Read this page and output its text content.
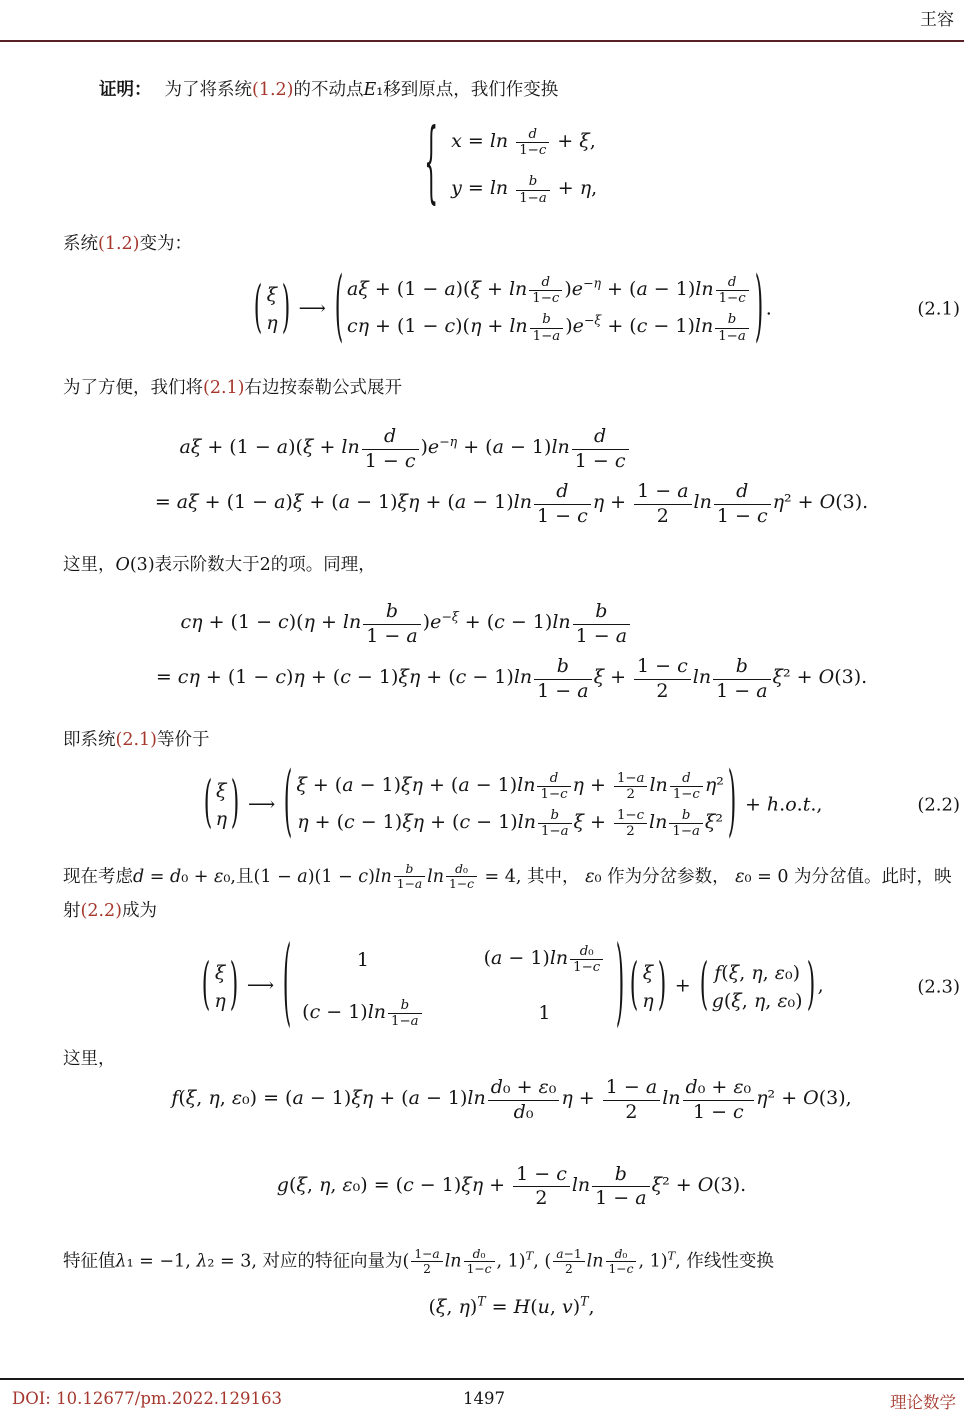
王容

证明： 为了将系统(1.2)的不动点E₁移到原点，我们作变换

{ $x = \ln \frac{d}{1-c} + \xi$,
$y = \ln \frac{b}{1-a} + \eta$,

系统(1.2)变为：

( ξ
η ) ⟶ ( $a\xi + (1 - a)(\xi + \ln \frac{d}{1-c} )e^{-\eta} + (a - 1)\ln \frac{d}{1-c}$
$c\eta + (1 - c)(\eta + \ln \frac{b}{1-a} )e^{-\xi} + (c - 1)\ln \frac{b}{1-a}$ ) .	(2.1)

为了方便，我们将(2.1)右边按泰勒公式展开

$a\xi + (1 - a)(\xi + \ln \frac{d}{1 - c} )e^{-\eta} + (a - 1)\ln \frac{d}{1 - c}$
= $a\xi + (1 - a)\xi + (a - 1)\xi\eta + (a - 1)\ln \frac{d}{1 - c}$ $\eta + \frac{1 - a}{2}$ $\ln \frac{d}{1 - c} \eta^2 + O(3)$.

这里，O(3)表示阶数大于2的项。同理，

$c\eta + (1 - c)(\eta + \ln \frac{b}{1 - a} )e^{-\xi} + (c - 1)\ln \frac{b}{1 - a}$
= $c\eta + (1 - c)\eta + (c - 1)\xi\eta + (c - 1)\ln \frac{b}{1 - a}$ $\xi + \frac{1 - c}{2}$ $\ln \frac{b}{1 - a} \xi^2 + O(3)$.

即系统(2.1)等价于

( ξ
η ) ⟶ ( $\xi + (a - 1)\xi\eta + (a - 1)\ln \frac{d}{1-c}$ $\eta + \frac{1-a}{2}$ $\ln \frac{d}{1-c} \eta^2$
$\eta + (c - 1)\xi\eta + (c - 1)\ln \frac{b}{1-a}$ $\xi + \frac{1-c}{2}$ $\ln \frac{b}{1-a} \xi^2$ ) + h.o.t.,	(2.2)

现在考虑d = d₀ + ε₀,且$(1 - a)(1 - c)\ln \frac{b}{1-a}$ $\ln \frac{\text{d₀}}{1-c} = 4$, 其中， ε₀ 作为分岔参数， ε₀ = 0 为分岔值。此时，映射(2.2)成为

( ξ
η ) ⟶ (	1	$(a - 1)\ln \frac{\text{d₀}}{1-c}$
$(c - 1)\ln \frac{b}{1-a}$	1	) ( ξ
η ) + ( f(ξ, η, ε₀)
g(ξ, η, ε₀) ) ,	(2.3)

这里，

f(ξ, η, $\varepsilon_0) = (a - 1)\xi\eta + (a - 1)\ln \frac{\text{d₀ + ε₀}}{\text{d₀}}$ $\eta + \frac{1 - a}{2}$ $\ln \frac{\text{d₀ + ε₀}}{1 - c} \eta^2 + O(3)$,
g(ξ, η, $\varepsilon_0) = (c - 1)\xi\eta + \frac{1 - c}{2}$ $\ln \frac{b}{1 - a} \xi^2 + O(3)$.

特征值λ₁ = −1, λ₂ = 3, 对应的特征向量为( $\frac{1-a}{2}$ $\ln \frac{\text{d₀}}{1-c}$ , 1)$^T$, ( $\frac{a-1}{2}$ $\ln \frac{\text{d₀}}{1-c}$ , 1)$^T$, 作线性变换

(ξ, η)$^T$ = H(u, v)$^T$,
DOI: 10.12677/pm.2022.129163	1497	理论数学
